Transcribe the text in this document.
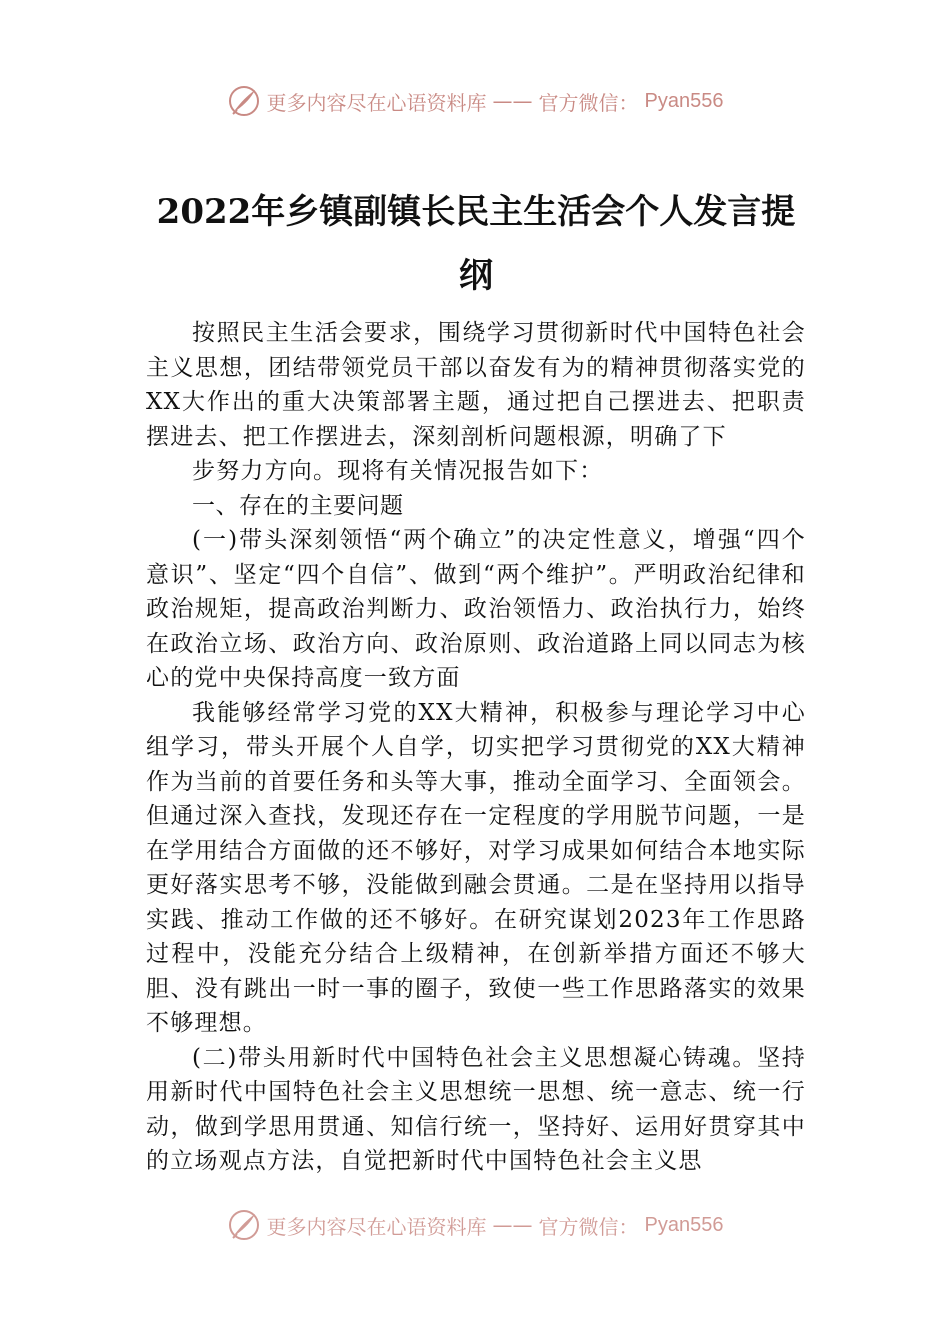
更多内容尽在心语资料库 —— 官方微信： Pyan556
2022年乡镇副镇长民主生活会个人发言提纲

按照民主生活会要求，围绕学习贯彻新时代中国特色社会主义思想，团结带领党员干部以奋发有为的精神贯彻落实党的XX大作出的重大决策部署主题，通过把自己摆进去、把职责摆进去、把工作摆进去，深刻剖析问题根源，明确了下

步努力方向。现将有关情况报告如下：

一、存在的主要问题

(一)带头深刻领悟“两个确立”的决定性意义，增强“四个意识”、坚定“四个自信”、做到“两个维护”。严明政治纪律和政治规矩，提高政治判断力、政治领悟力、政治执行力，始终在政治立场、政治方向、政治原则、政治道路上同以同志为核心的党中央保持高度一致方面

我能够经常学习党的XX大精神，积极参与理论学习中心组学习，带头开展个人自学，切实把学习贯彻党的XX大精神作为当前的首要任务和头等大事，推动全面学习、全面领会。但通过深入查找，发现还存在一定程度的学用脱节问题，一是在学用结合方面做的还不够好，对学习成果如何结合本地实际更好落实思考不够，没能做到融会贯通。二是在坚持用以指导实践、推动工作做的还不够好。在研究谋划2023年工作思路过程中，没能充分结合上级精神，在创新举措方面还不够大胆、没有跳出一时一事的圈子，致使一些工作思路落实的效果不够理想。

(二)带头用新时代中国特色社会主义思想凝心铸魂。坚持用新时代中国特色社会主义思想统一思想、统一意志、统一行动，做到学思用贯通、知信行统一，坚持好、运用好贯穿其中的立场观点方法，自觉把新时代中国特色社会主义思

更多内容尽在心语资料库 —— 官方微信： Pyan556
